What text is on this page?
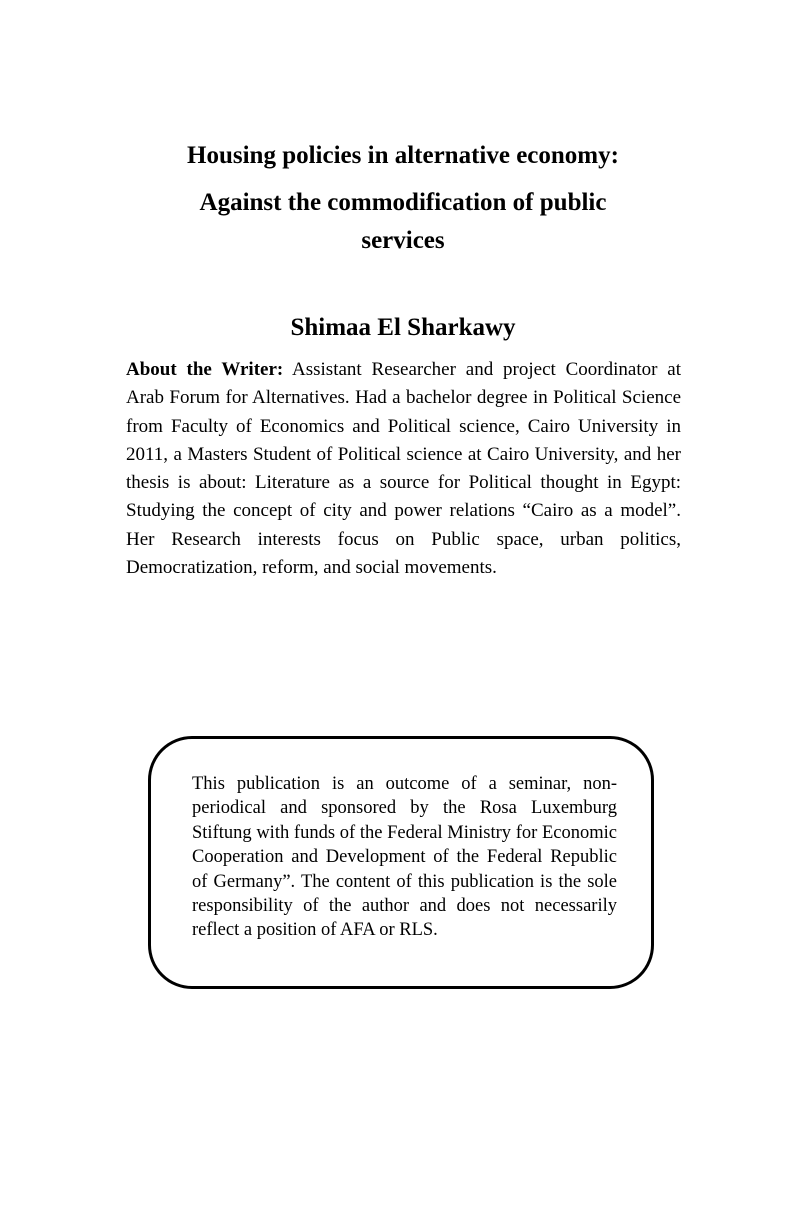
Housing policies in alternative economy:
Against the commodification of public
services
Shimaa El Sharkawy

About the Writer: Assistant Researcher and project Coordinator at Arab Forum for Alternatives. Had a bachelor degree in Political Science from Faculty of Economics and Political science, Cairo University in 2011, a Masters Student of Political science at Cairo University, and her thesis is about: Literature as a source for Political thought in Egypt: Studying the concept of city and power relations “Cairo as a model”. Her Research interests focus on Public space, urban politics, Democratization, reform, and social movements.

This publication is an outcome of a seminar, non-periodical and sponsored by the Rosa Luxemburg Stiftung with funds of the Federal Ministry for Economic Cooperation and Development of the Federal Republic of Germany”. The content of this publication is the sole responsibility of the author and does not necessarily reflect a position of AFA or RLS.
